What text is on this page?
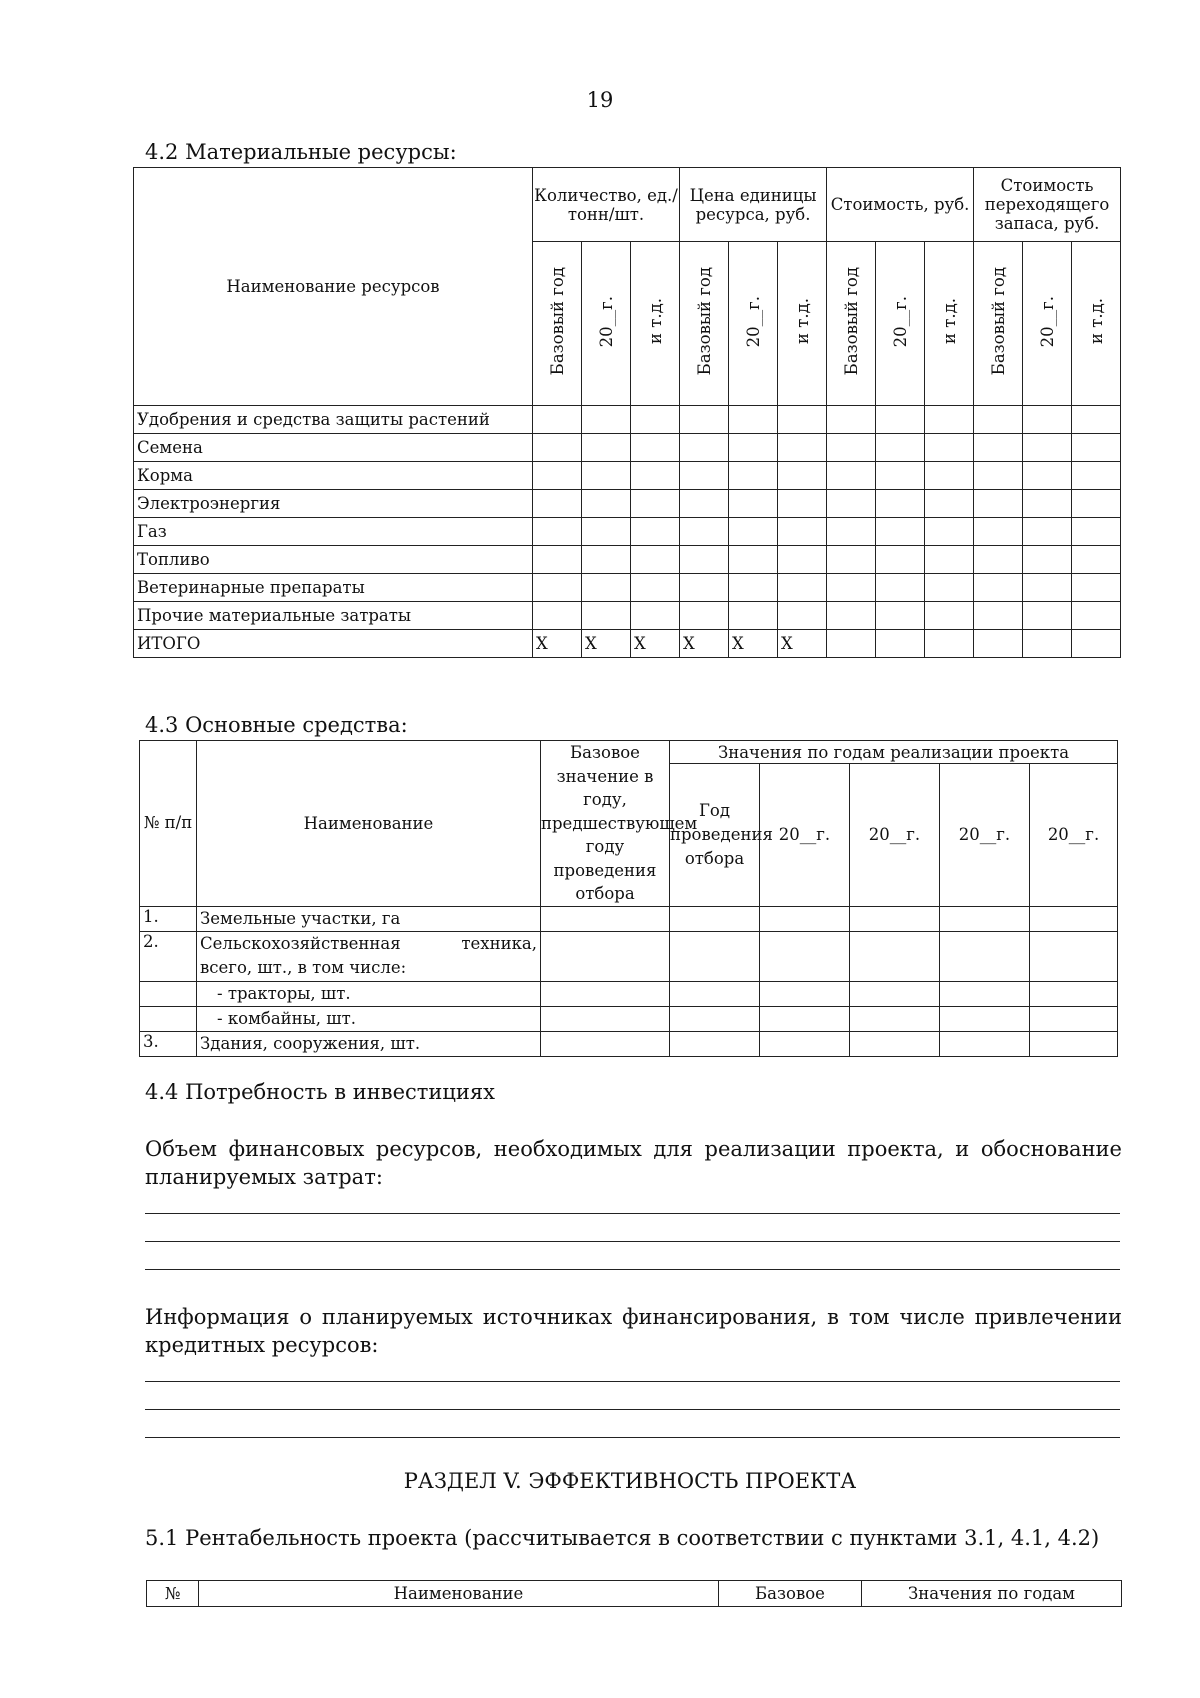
19
4.2 Материальные ресурсы:
Наименование ресурсов	Количество, ед./тонн/шт.			Цена единицы ресурса, руб.			Стоимость, руб.			Стоимость переходящего запаса, руб.		
	Базовый год	20__г.	и т.д.	Базовый год	20__г.	и т.д.	Базовый год	20__г.	и т.д.	Базовый год	20__г.	и т.д.
Удобрения и средства защиты растений												
Семена												
Корма												
Электроэнергия												
Газ												
Топливо												
Ветеринарные препараты												
Прочие материальные затраты												
ИТОГО	Х	Х	Х	Х	Х	Х						
4.3 Основные средства:
№ п/п	Наименование	Базовое значение в году, предшествующем году проведения отбора	Значения по годам реализации проекта				
			Год проведения отбора	20__г.	20__г.	20__г.	20__г.
1.	Земельные участки, га						
2.	Сельскохозяйственная техника, всего, шт., в том числе:						
	- тракторы, шт.						
	- комбайны, шт.						
3.	Здания, сооружения, шт.						
4.4 Потребность в инвестициях
Объем финансовых ресурсов, необходимых для реализации проекта, и обоснование планируемых затрат:
Информация о планируемых источниках финансирования, в том числе привлечении кредитных ресурсов:
РАЗДЕЛ V. ЭФФЕКТИВНОСТЬ ПРОЕКТА
5.1 Рентабельность проекта (рассчитывается в соответствии с пунктами 3.1, 4.1, 4.2)
№	Наименование	Базовое	Значения по годам
